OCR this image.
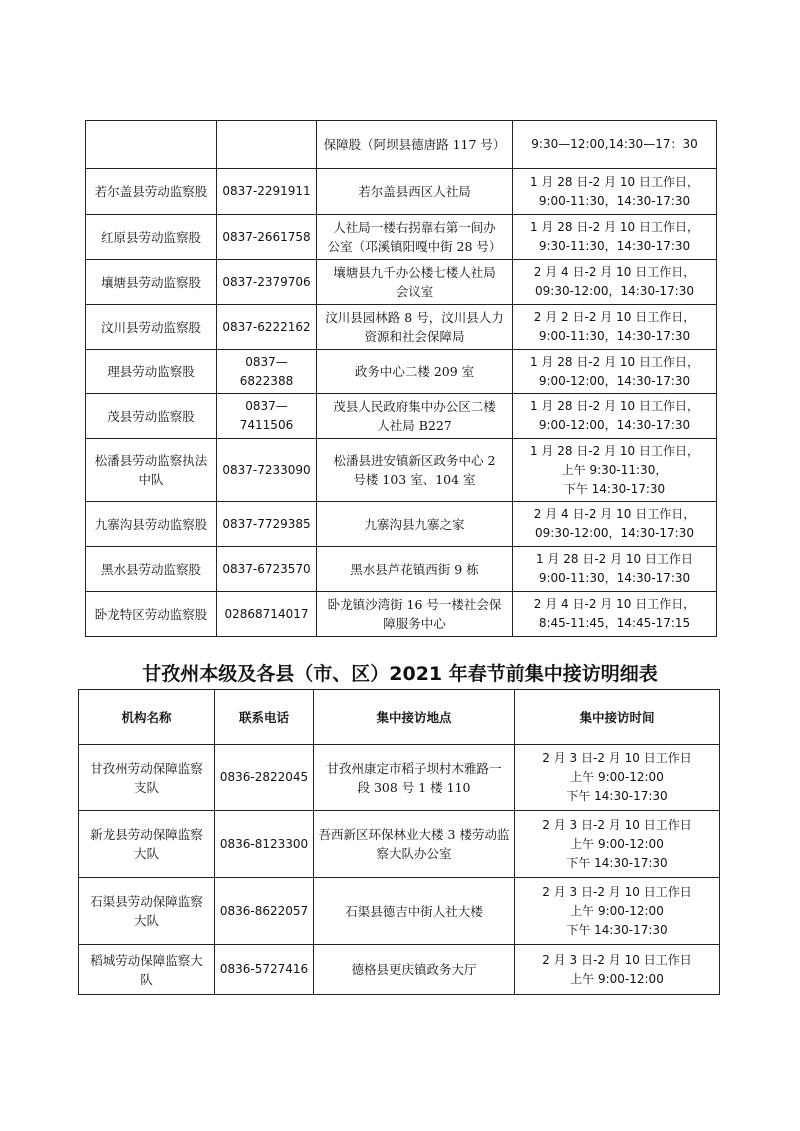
		保障股（阿坝县德唐路 117 号）	9:30—12:00,14:30—17：30
若尔盖县劳动监察股	0837-2291911	若尔盖县西区人社局	1 月 28 日-2 月 10 日工作日，
9:00-11:30，14:30-17:30
红原县劳动监察股	0837-2661758	人社局一楼右拐靠右第一间办
公室（邛溪镇阳嘎中街 28 号）	1 月 28 日-2 月 10 日工作日，
9:30-11:30，14:30-17:30
壤塘县劳动监察股	0837-2379706	壤塘县九千办公楼七楼人社局
会议室	2 月 4 日-2 月 10 日工作日，
09:30-12:00，14:30-17:30
汶川县劳动监察股	0837-6222162	汶川县园林路 8 号，汶川县人力
资源和社会保障局	2 月 2 日-2 月 10 日工作日，
9:00-11:30，14:30-17:30
理县劳动监察股	0837—6822388	政务中心二楼 209 室	1 月 28 日-2 月 10 日工作日，
9:00-12:00，14:30-17:30
茂县劳动监察股	0837—7411506	茂县人民政府集中办公区二楼
人社局 B227	1 月 28 日-2 月 10 日工作日，
9:00-12:00，14:30-17:30
松潘县劳动监察执法
中队	0837-7233090	松潘县进安镇新区政务中心 2
号楼 103 室、104 室	1 月 28 日-2 月 10 日工作日，
上午 9:30-11:30，
下午 14:30-17:30
九寨沟县劳动监察股	0837-7729385	九寨沟县九寨之家	2 月 4 日-2 月 10 日工作日，
09:30-12:00，14:30-17:30
黑水县劳动监察股	0837-6723570	黑水县芦花镇西街 9 栋	1 月 28 日-2 月 10 日工作日
9:00-11:30，14:30-17:30
卧龙特区劳动监察股	02868714017	卧龙镇沙湾街 16 号一楼社会保
障服务中心	2 月 4 日-2 月 10 日工作日，
8:45-11:45，14:45-17:15
甘孜州本级及各县（市、区）2021 年春节前集中接访明细表
机构名称	联系电话	集中接访地点	集中接访时间
甘孜州劳动保障监察
支队	0836-2822045	甘孜州康定市稻子坝村木雅路一
段 308 号 1 楼 110	2 月 3 日-2 月 10 日工作日
上午 9:00-12:00
下午 14:30-17:30
新龙县劳动保障监察
大队	0836-8123300	吾西新区环保林业大楼 3 楼劳动监
察大队办公室	2 月 3 日-2 月 10 日工作日
上午 9:00-12:00
下午 14:30-17:30
石渠县劳动保障监察
大队	0836-8622057	石渠县德吉中街人社大楼	2 月 3 日-2 月 10 日工作日
上午 9:00-12:00
下午 14:30-17:30
稻城劳动保障监察大
队	0836-5727416	德格县更庆镇政务大厅	2 月 3 日-2 月 10 日工作日
上午 9:00-12:00
